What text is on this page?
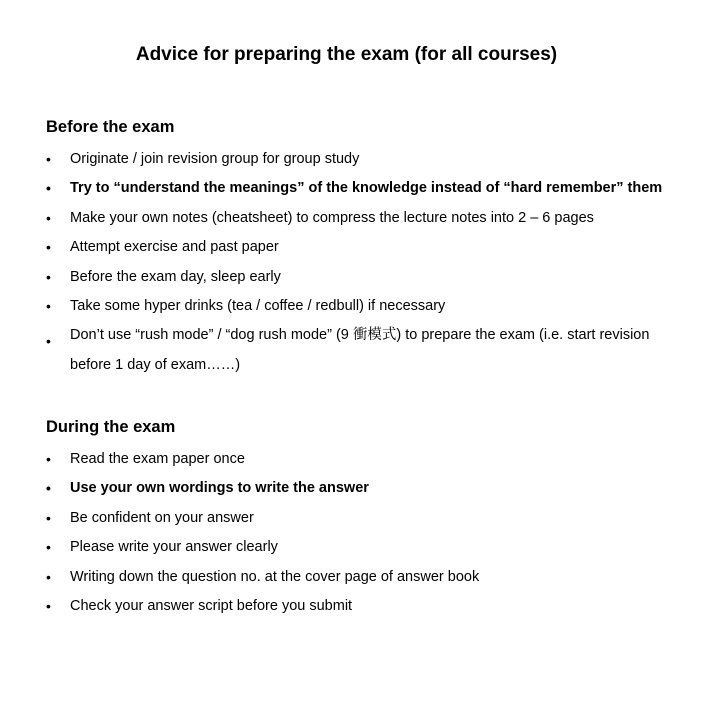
Advice for preparing the exam (for all courses)
Before the exam
• Originate / join revision group for group study
• Try to “understand the meanings” of the knowledge instead of “hard remember” them
• Make your own notes (cheatsheet) to compress the lecture notes into 2 – 6 pages
• Attempt exercise and past paper
• Before the exam day, sleep early
• Take some hyper drinks (tea / coffee / redbull) if necessary
• Don’t use “rush mode” / “dog rush mode” (9 衝模式) to prepare the exam (i.e. start revision before 1 day of exam……)
During the exam
• Read the exam paper once
• Use your own wordings to write the answer
• Be confident on your answer
• Please write your answer clearly
• Writing down the question no. at the cover page of answer book
• Check your answer script before you submit
